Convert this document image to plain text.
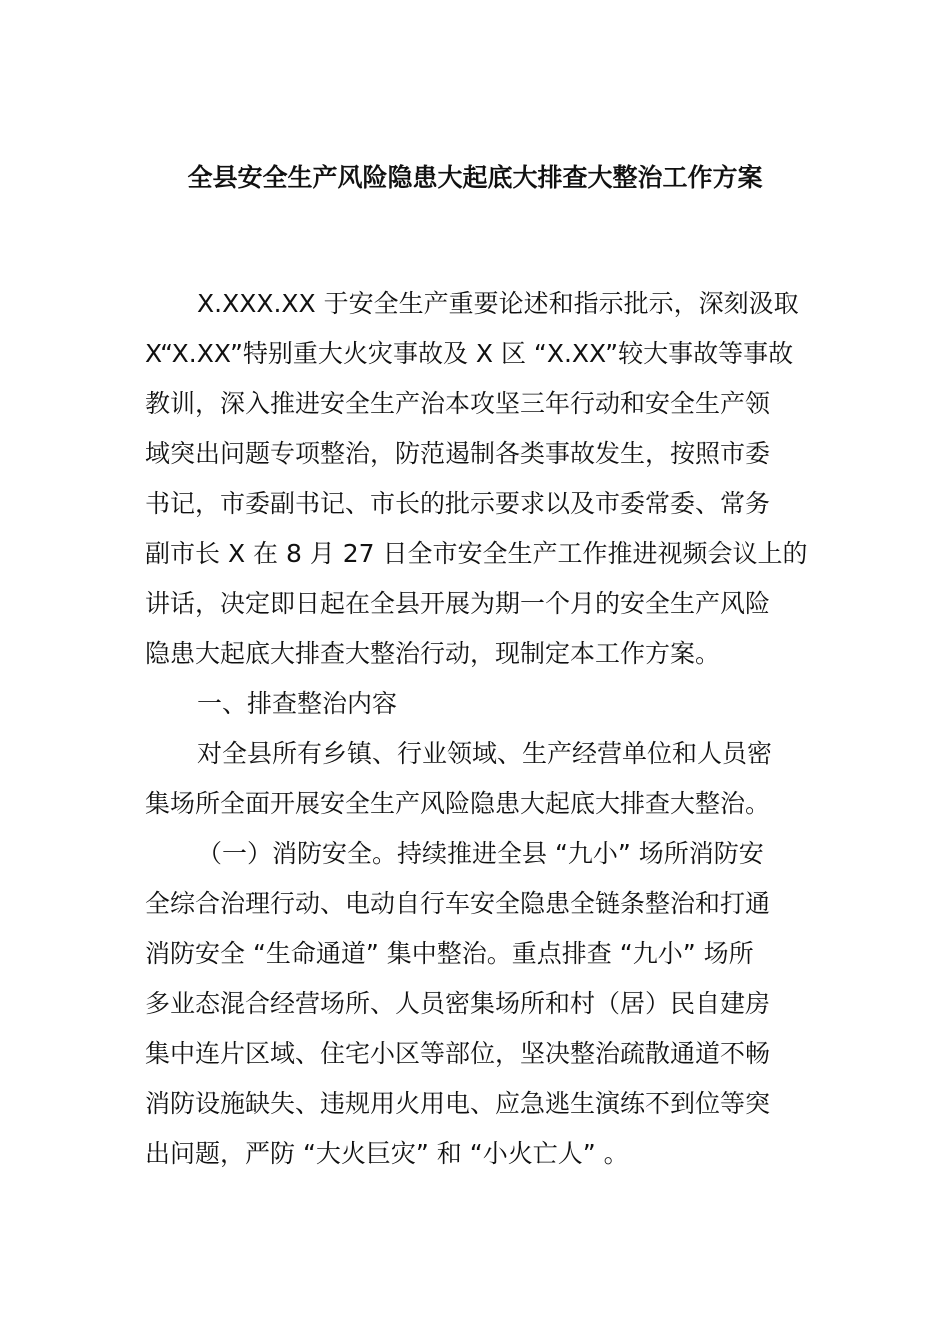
全县安全生产风险隐患大起底大排查大整治工作方案

X.XXX.XX 于安全生产重要论述和指示批示，深刻汲取

X“X.XX”特别重大火灾事故及 X 区 “X.XX”较大事故等事故

教训，深入推进安全生产治本攻坚三年行动和安全生产领

域突出问题专项整治，防范遏制各类事故发生，按照市委

书记，市委副书记、市长的批示要求以及市委常委、常务

副市长 X 在 8 月 27 日全市安全生产工作推进视频会议上的

讲话，决定即日起在全县开展为期一个月的安全生产风险

隐患大起底大排查大整治行动，现制定本工作方案。

一、排查整治内容

对全县所有乡镇、行业领域、生产经营单位和人员密

集场所全面开展安全生产风险隐患大起底大排查大整治。

（一）消防安全。持续推进全县 “九小” 场所消防安

全综合治理行动、电动自行车安全隐患全链条整治和打通

消防安全 “生命通道” 集中整治。重点排查 “九小” 场所

多业态混合经营场所、人员密集场所和村（居）民自建房

集中连片区域、住宅小区等部位，坚决整治疏散通道不畅

消防设施缺失、违规用火用电、应急逃生演练不到位等突

出问题，严防 “大火巨灾” 和 “小火亡人” 。
